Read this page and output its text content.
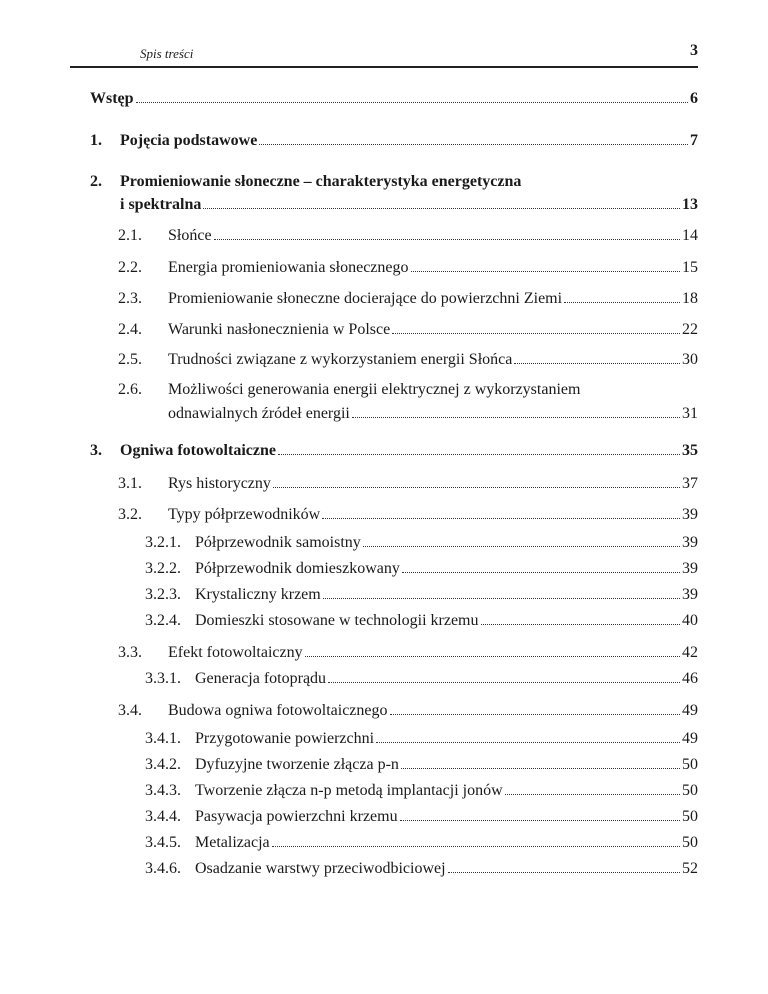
Spis treści	3
Wstęp	6
1.	Pojęcia podstawowe	7
2.	Promieniowanie słoneczne – charakterystyka energetyczna
i spektralna	13
2.1.	Słońce	14
2.2.	Energia promieniowania słonecznego	15
2.3.	Promieniowanie słoneczne docierające do powierzchni Ziemi	18
2.4.	Warunki nasłonecznienia w Polsce	22
2.5.	Trudności związane z wykorzystaniem energii Słońca	30
2.6.	Możliwości generowania energii elektrycznej z wykorzystaniem
odnawialnych źródeł energii	31
3.	Ogniwa fotowoltaiczne	35
3.1.	Rys historyczny	37
3.2.	Typy półprzewodników	39
3.2.1. Półprzewodnik samoistny	39
3.2.2. Półprzewodnik domieszkowany	39
3.2.3. Krystaliczny krzem	39
3.2.4. Domieszki stosowane w technologii krzemu	40
3.3.	Efekt fotowoltaiczny	42
3.3.1. Generacja fotoprądu	46
3.4.	Budowa ogniwa fotowoltaicznego	49
3.4.1. Przygotowanie powierzchni	49
3.4.2. Dyfuzyjne tworzenie złącza p-n	50
3.4.3. Tworzenie złącza n-p metodą implantacji jonów	50
3.4.4. Pasywacja powierzchni krzemu	50
3.4.5. Metalizacja	50
3.4.6. Osadzanie warstwy przeciwodbiciowej	52
